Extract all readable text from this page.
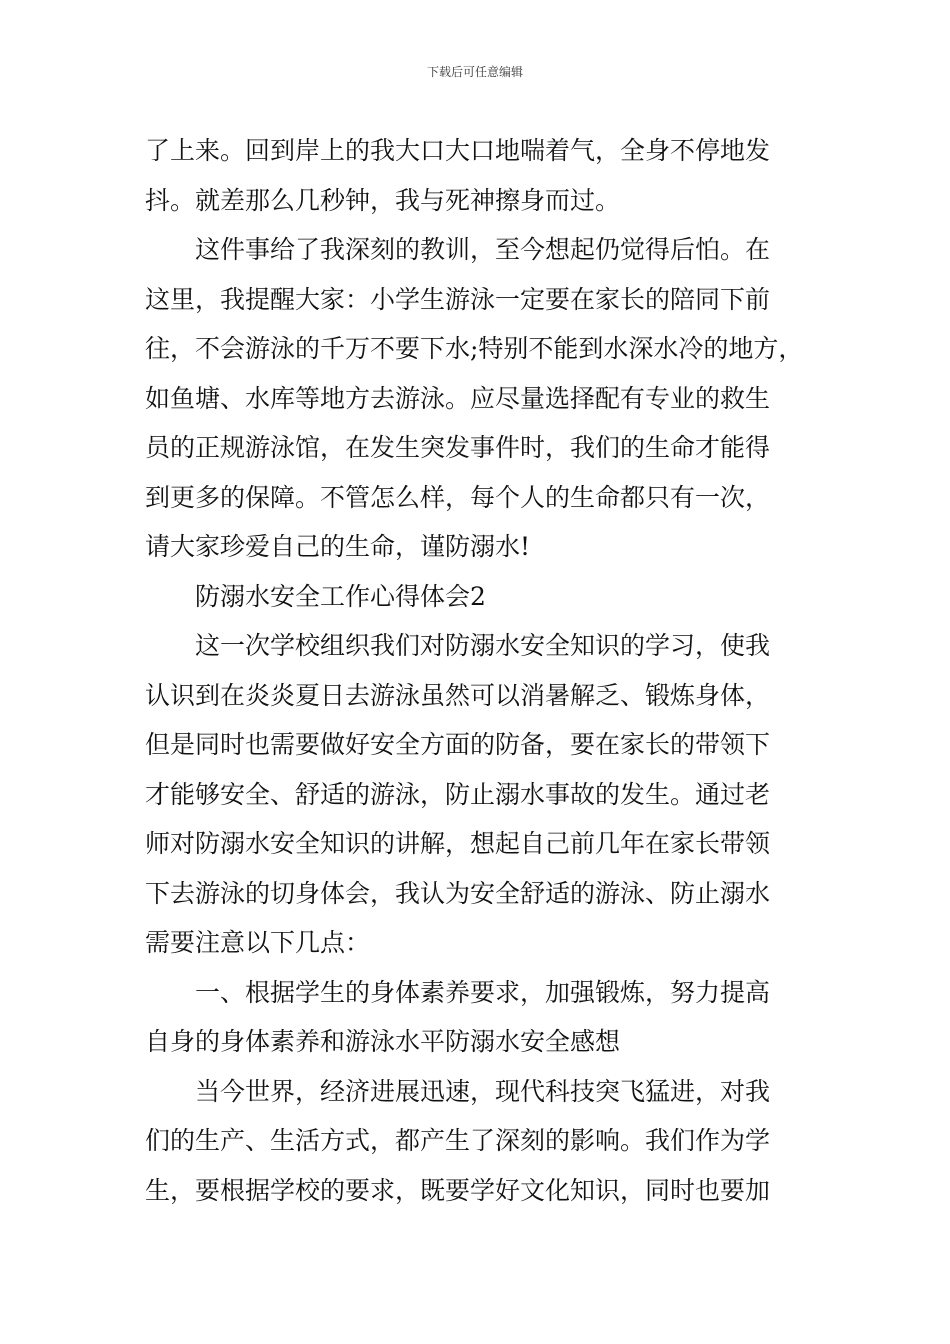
下载后可任意编辑
了上来。回到岸上的我大口大口地喘着气，全身不停地发
抖。就差那么几秒钟，我与死神擦身而过。
这件事给了我深刻的教训，至今想起仍觉得后怕。在
这里，我提醒大家：小学生游泳一定要在家长的陪同下前
往，不会游泳的千万不要下水;特别不能到水深水冷的地方，
如鱼塘、水库等地方去游泳。应尽量选择配有专业的救生
员的正规游泳馆，在发生突发事件时，我们的生命才能得
到更多的保障。不管怎么样，每个人的生命都只有一次，
请大家珍爱自己的生命，谨防溺水!
防溺水安全工作心得体会2
这一次学校组织我们对防溺水安全知识的学习，使我
认识到在炎炎夏日去游泳虽然可以消暑解乏、锻炼身体，
但是同时也需要做好安全方面的防备，要在家长的带领下
才能够安全、舒适的游泳，防止溺水事故的发生。通过老
师对防溺水安全知识的讲解，想起自己前几年在家长带领
下去游泳的切身体会，我认为安全舒适的游泳、防止溺水
需要注意以下几点：
一、根据学生的身体素养要求，加强锻炼，努力提高
自身的身体素养和游泳水平防溺水安全感想
当今世界，经济进展迅速，现代科技突飞猛进，对我
们的生产、生活方式，都产生了深刻的影响。我们作为学
生，要根据学校的要求，既要学好文化知识，同时也要加
